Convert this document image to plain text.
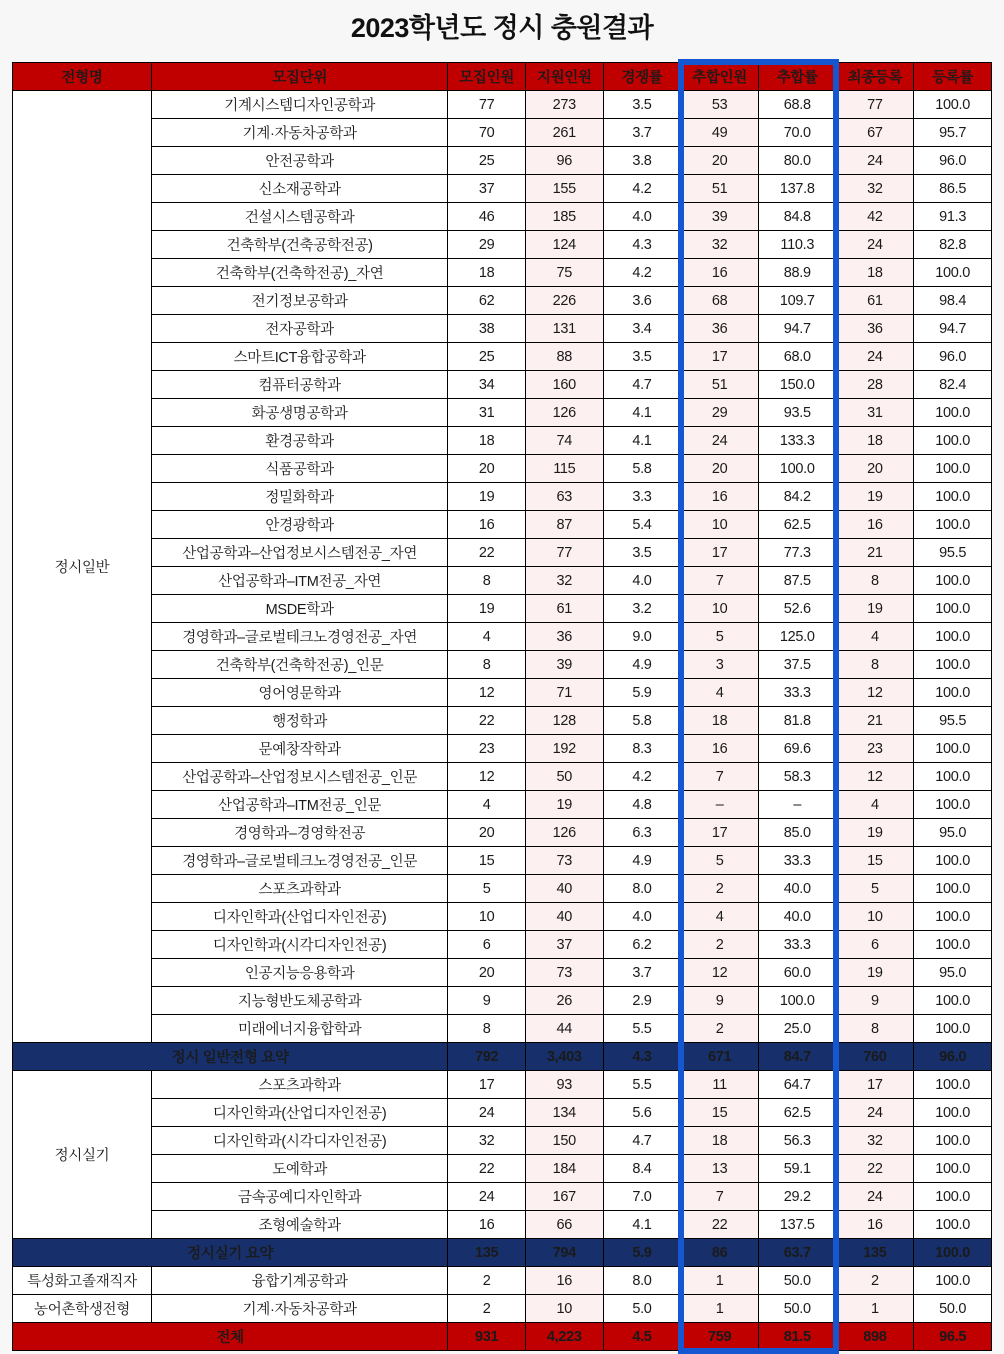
2023학년도 정시 충원결과
전형명	모집단위	모집인원	지원인원	경쟁률	추합인원	추합률	최종등록	등록률
정시일반	기계시스템디자인공학과	77	273	3.5	53	68.8	77	100.0
	기계·자동차공학과	70	261	3.7	49	70.0	67	95.7
	안전공학과	25	96	3.8	20	80.0	24	96.0
	신소재공학과	37	155	4.2	51	137.8	32	86.5
	건설시스템공학과	46	185	4.0	39	84.8	42	91.3
	건축학부(건축공학전공)	29	124	4.3	32	110.3	24	82.8
	건축학부(건축학전공)_자연	18	75	4.2	16	88.9	18	100.0
	전기정보공학과	62	226	3.6	68	109.7	61	98.4
	전자공학과	38	131	3.4	36	94.7	36	94.7
	스마트ICT융합공학과	25	88	3.5	17	68.0	24	96.0
	컴퓨터공학과	34	160	4.7	51	150.0	28	82.4
	화공생명공학과	31	126	4.1	29	93.5	31	100.0
	환경공학과	18	74	4.1	24	133.3	18	100.0
	식품공학과	20	115	5.8	20	100.0	20	100.0
	정밀화학과	19	63	3.3	16	84.2	19	100.0
	안경광학과	16	87	5.4	10	62.5	16	100.0
	산업공학과–산업정보시스템전공_자연	22	77	3.5	17	77.3	21	95.5
	산업공학과–ITM전공_자연	8	32	4.0	7	87.5	8	100.0
	MSDE학과	19	61	3.2	10	52.6	19	100.0
	경영학과–글로벌테크노경영전공_자연	4	36	9.0	5	125.0	4	100.0
	건축학부(건축학전공)_인문	8	39	4.9	3	37.5	8	100.0
	영어영문학과	12	71	5.9	4	33.3	12	100.0
	행정학과	22	128	5.8	18	81.8	21	95.5
	문예창작학과	23	192	8.3	16	69.6	23	100.0
	산업공학과–산업정보시스템전공_인문	12	50	4.2	7	58.3	12	100.0
	산업공학과–ITM전공_인문	4	19	4.8	–	–	4	100.0
	경영학과–경영학전공	20	126	6.3	17	85.0	19	95.0
	경영학과–글로벌테크노경영전공_인문	15	73	4.9	5	33.3	15	100.0
	스포츠과학과	5	40	8.0	2	40.0	5	100.0
	디자인학과(산업디자인전공)	10	40	4.0	4	40.0	10	100.0
	디자인학과(시각디자인전공)	6	37	6.2	2	33.3	6	100.0
	인공지능응용학과	20	73	3.7	12	60.0	19	95.0
	지능형반도체공학과	9	26	2.9	9	100.0	9	100.0
	미래에너지융합학과	8	44	5.5	2	25.0	8	100.0
정시 일반전형 요약		792	3,403	4.3	671	84.7	760	96.0
정시실기	스포츠과학과	17	93	5.5	11	64.7	17	100.0
	디자인학과(산업디자인전공)	24	134	5.6	15	62.5	24	100.0
	디자인학과(시각디자인전공)	32	150	4.7	18	56.3	32	100.0
	도예학과	22	184	8.4	13	59.1	22	100.0
	금속공예디자인학과	24	167	7.0	7	29.2	24	100.0
	조형예술학과	16	66	4.1	22	137.5	16	100.0
정시실기 요약		135	794	5.9	86	63.7	135	100.0
특성화고졸재직자	융합기계공학과	2	16	8.0	1	50.0	2	100.0
농어촌학생전형	기계·자동차공학과	2	10	5.0	1	50.0	1	50.0
전체		931	4,223	4.5	759	81.5	898	96.5
